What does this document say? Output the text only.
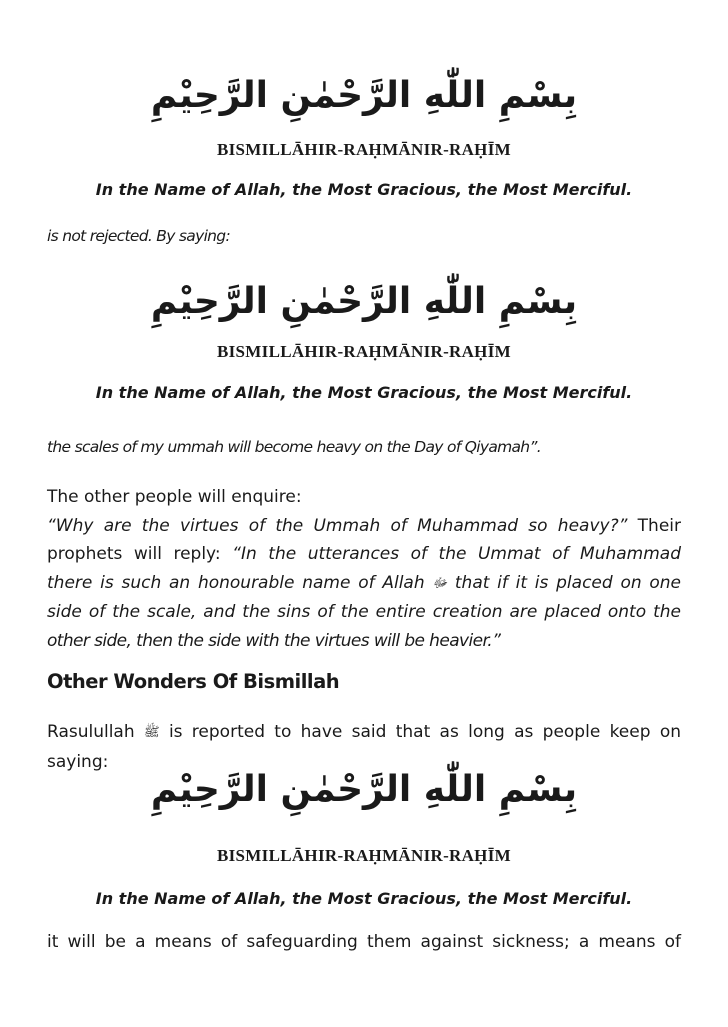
بِسْمِ اللّٰهِ الرَّحْمٰنِ الرَّحِيْمِ
BISMILLĀHIR-RAḤMĀNIR-RAḤĪM
In the Name of Allah, the Most Gracious, the Most Merciful.
is not rejected. By saying:
بِسْمِ اللّٰهِ الرَّحْمٰنِ الرَّحِيْمِ
BISMILLĀHIR-RAḤMĀNIR-RAḤĪM
In the Name of Allah, the Most Gracious, the Most Merciful.
the scales of my ummah will become heavy on the Day of Qiyamah”.
The other people will enquire:
“Why are the virtues of the Ummah of Muhammad so heavy?” Their
prophets will reply: “In the utterances of the Ummat of Muhammad
there is such an honourable name of Allah ﷻ that if it is placed on one
side of the scale, and the sins of the entire creation are placed onto the
other side, then the side with the virtues will be heavier.”
Other Wonders Of Bismillah
Rasulullah ﷺ is reported to have said that as long as people keep on
saying:
بِسْمِ اللّٰهِ الرَّحْمٰنِ الرَّحِيْمِ
BISMILLĀHIR-RAḤMĀNIR-RAḤĪM
In the Name of Allah, the Most Gracious, the Most Merciful.
it will be a means of safeguarding them against sickness; a means of
